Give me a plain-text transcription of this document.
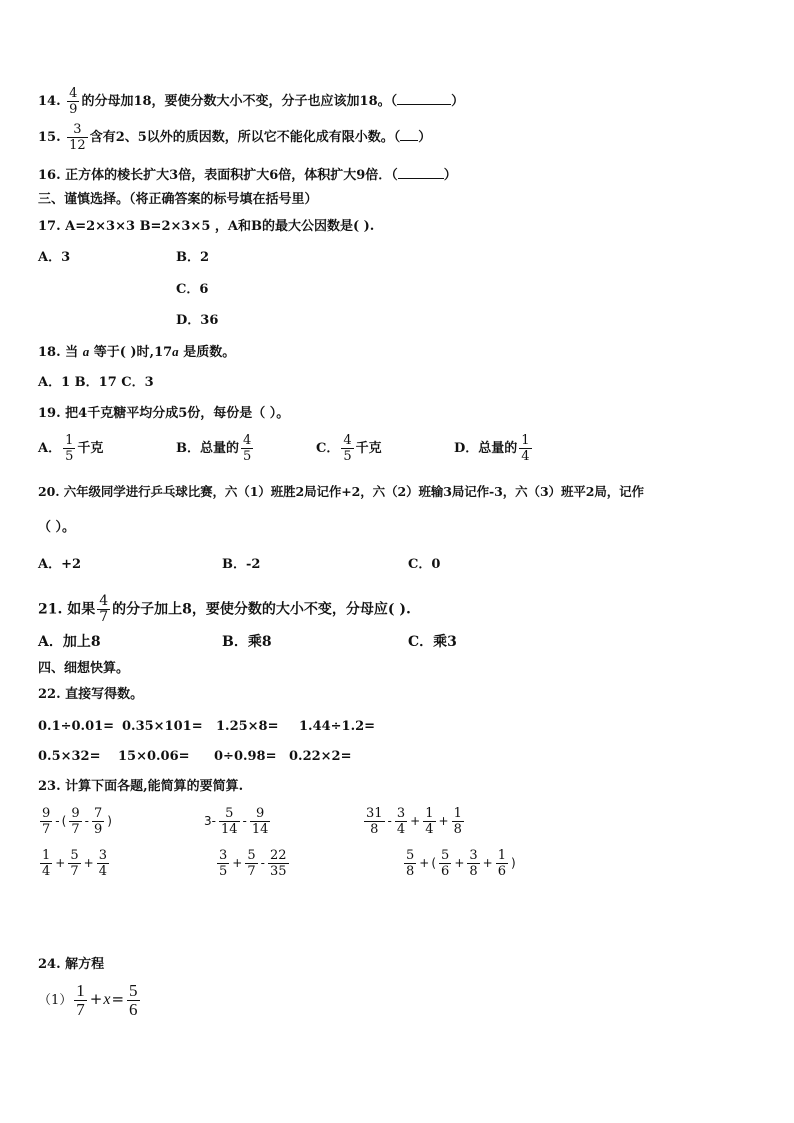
14. $\frac{4}{9}$ 的分母加18，要使分数大小不变，分子也应该加18。（	）
15. $\frac{3}{12}$ 含有2、5以外的质因数，所以它不能化成有限小数。（ ）
16. 正方体的棱长扩大3倍，表面积扩大6倍，体积扩大9倍．（	）
三、谨慎选择。（将正确答案的标号填在括号里）
17. A=2×3×3 B=2×3×5 ，A和B的最大公因数是( ).
A．3	B．2
C．6
D．36
18. 当 a 等于( )时,17a 是质数。
A．1 B．17 C．3
19. 把4千克糖平均分成5份，每份是（ ）。
A． $\frac{1}{5}$ 千克	B．总量的 $\frac{4}{5}$	C． $\frac{4}{5}$ 千克	D．总量的 $\frac{1}{4}$
20. 六年级同学进行乒乓球比赛，六（1）班胜2局记作+2，六（2）班输3局记作-3，六（3）班平2局，记作
（ ）。
A．+2	B．-2	C．0
21. 如果 $\frac{4}{7}$ 的分子加上8，要使分数的大小不变，分母应( ).
A．加上8	B．乘8	C．乘3
四、细想快算。
22. 直接写得数。
0.1÷0.01= 0.35×101= 1.25×8= 1.44÷1.2=
0.5×32= 15×0.06= 0÷0.98= 0.22×2=
23. 计算下面各题,能简算的要简算.
$\frac{9}{7}$ - ( $\frac{9}{7} - \frac{7}{9}$ )	$3- \frac{5}{14} - \frac{9}{14}$	$\frac{31}{8} - \frac{3}{4} + \frac{1}{4} + \frac{1}{8}$
$\frac{1}{4} + \frac{5}{7} + \frac{3}{4}$	$\frac{3}{5} + \frac{5}{7} - \frac{22}{35}$	$\frac{5}{8}$ + ( $\frac{5}{6} + \frac{3}{8} + \frac{1}{6}$ )
24. 解方程
$(1) \frac{1}{7} +x= \frac{5}{6}$
